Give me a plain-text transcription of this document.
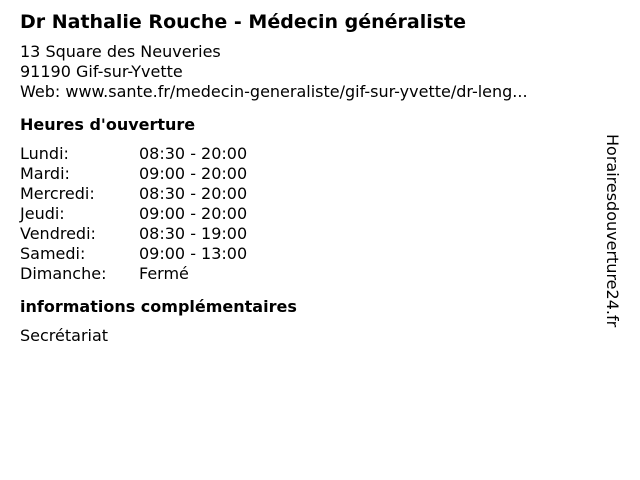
Dr Nathalie Rouche - Médecin généraliste
13 Square des Neuveries
91190 Gif-sur-Yvette
Web: www.sante.fr/medecin-generaliste/gif-sur-yvette/dr-leng...
Heures d'ouverture
Lundi:	08:30 - 20:00
Mardi:	09:00 - 20:00
Mercredi:	08:30 - 20:00
Jeudi:	09:00 - 20:00
Vendredi:	08:30 - 19:00
Samedi:	09:00 - 13:00
Dimanche:	Fermé
informations complémentaires
Secrétariat
Horairesdouverture24.fr
